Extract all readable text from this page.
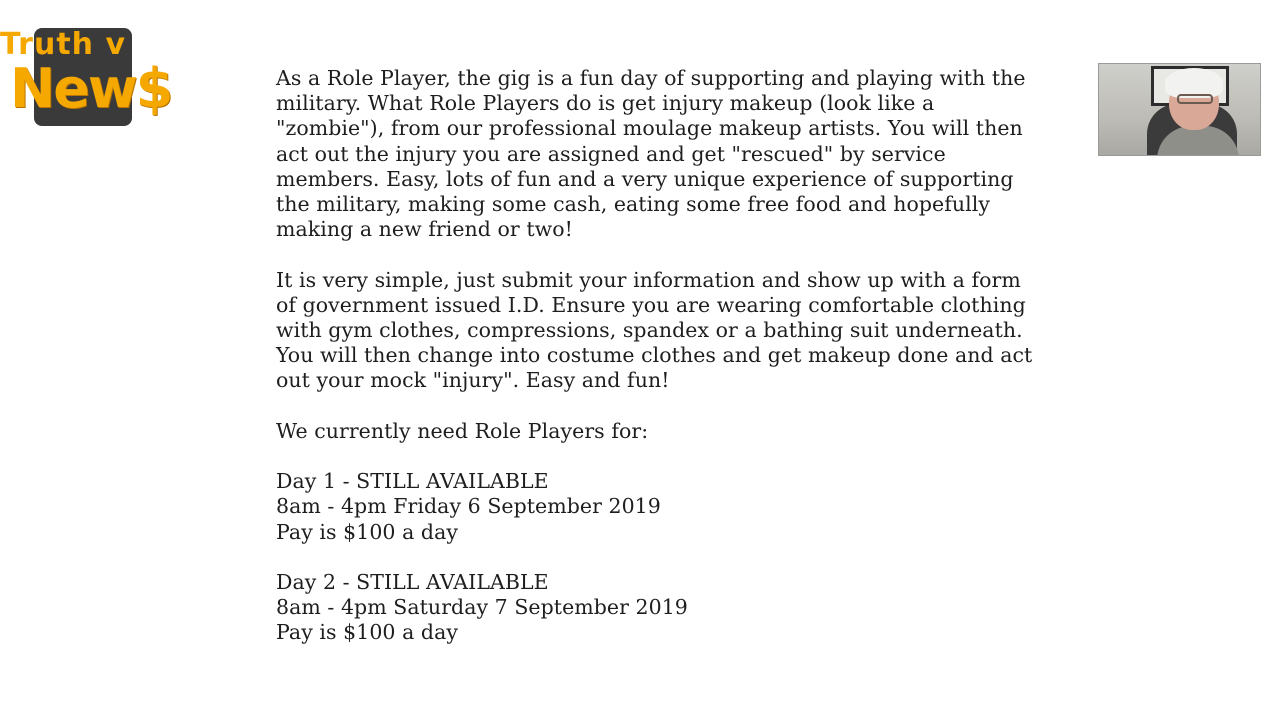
Truth v
New$	As a Role Player, the gig is a fun day of supporting and playing with the
military. What Role Players do is get injury makeup (look like a
"zombie"), from our professional moulage makeup artists. You will then
act out the injury you are assigned and get "rescued" by service
members. Easy, lots of fun and a very unique experience of supporting
the military, making some cash, eating some free food and hopefully
making a new friend or two!

It is very simple, just submit your information and show up with a form
of government issued I.D. Ensure you are wearing comfortable clothing
with gym clothes, compressions, spandex or a bathing suit underneath.
You will then change into costume clothes and get makeup done and act
out your mock "injury". Easy and fun!

We currently need Role Players for:

Day 1 - STILL AVAILABLE
8am - 4pm Friday 6 September 2019
Pay is $100 a day

Day 2 - STILL AVAILABLE
8am - 4pm Saturday 7 September 2019
Pay is $100 a day
